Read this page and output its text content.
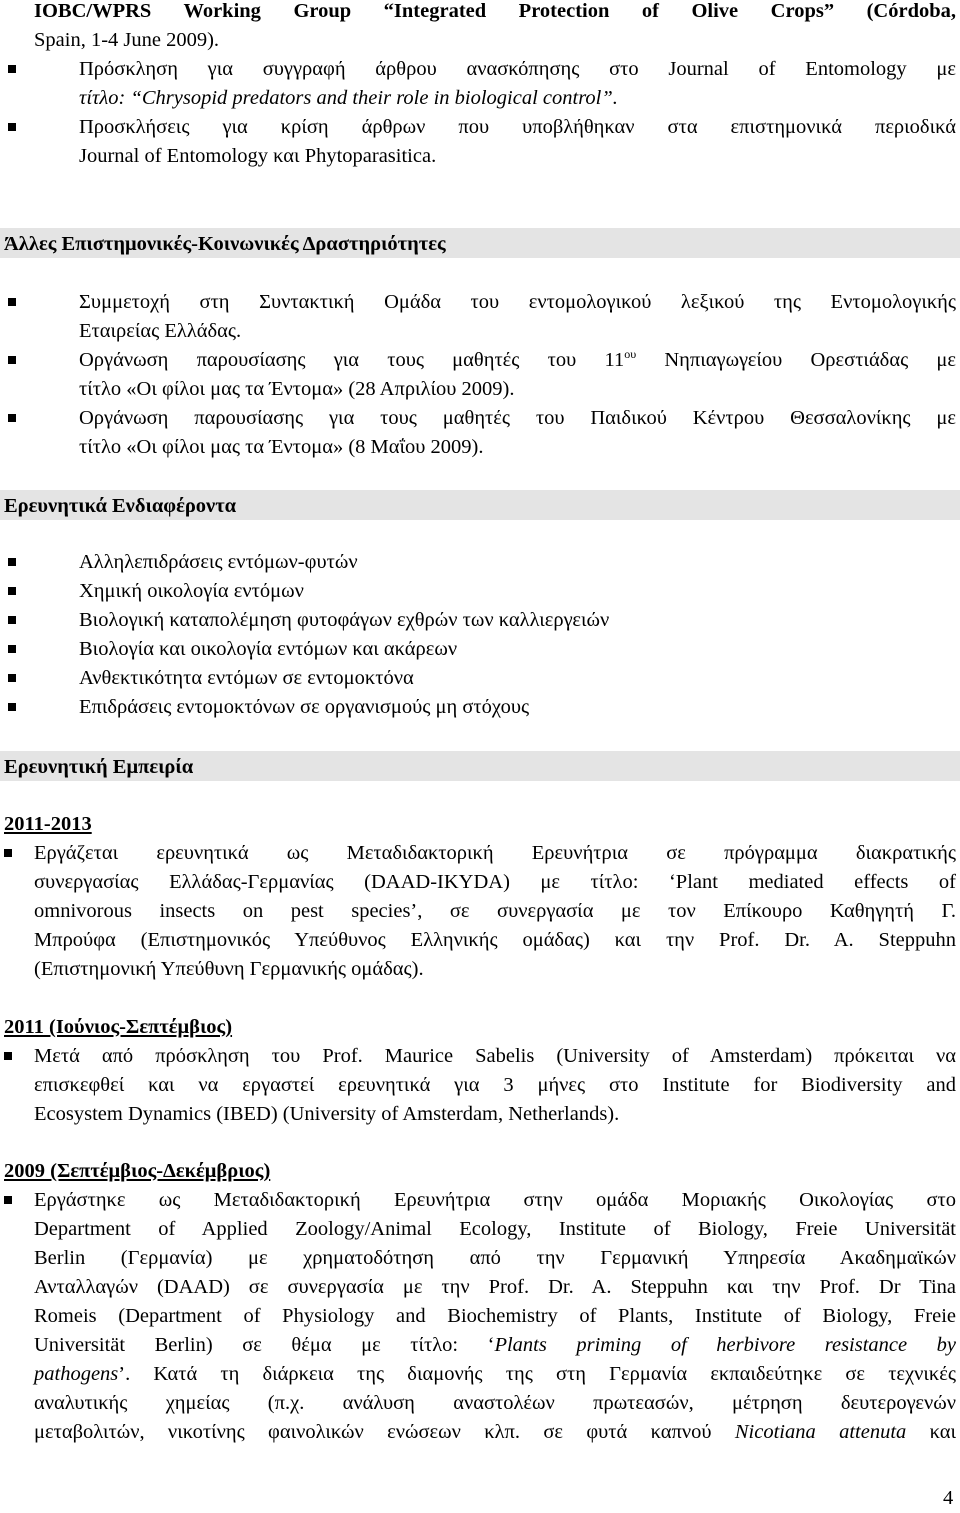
IOBC/WPRS Working Group “Integrated Protection of Olive Crops” (Córdoba,
Spain, 1-4 June 2009).
Πρόσκληση για συγγραφή άρθρου ανασκόπησης στο Journal of Entomology με
τίτλο: “Chrysopid predators and their role in biological control”.
Προσκλήσεις για κρίση άρθρων που υποβλήθηκαν στα επιστημονικά περιοδικά
Journal of Entomology και Phytoparasitica.
Άλλες Επιστημονικές-Κοινωνικές Δραστηριότητες
Συμμετοχή στη Συντακτική Ομάδα του εντομολογικού λεξικού της Εντομολογικής
Εταιρείας Ελλάδας.
Οργάνωση παρουσίασης για τους μαθητές του $11^{o\upsilon}$ Νηπιαγωγείου Ορεστιάδας με
τίτλο «Οι φίλοι μας τα Έντομα» (28 Απριλίου 2009).
Οργάνωση παρουσίασης για τους μαθητές του Παιδικού Κέντρου Θεσσαλονίκης με
τίτλο «Οι φίλοι μας τα Έντομα» (8 Μαΐου 2009).
Ερευνητικά Ενδιαφέροντα
Αλληλεπιδράσεις εντόμων-φυτών
Χημική οικολογία εντόμων
Βιολογική καταπολέμηση φυτοφάγων εχθρών των καλλιεργειών
Βιολογία και οικολογία εντόμων και ακάρεων
Ανθεκτικότητα εντόμων σε εντομοκτόνα
Επιδράσεις εντομοκτόνων σε οργανισμούς μη στόχους
Ερευνητική Εμπειρία
2011-2013
Εργάζεται ερευνητικά ως Μεταδιδακτορική Ερευνήτρια σε πρόγραμμα διακρατικής
συνεργασίας Ελλάδας-Γερμανίας (DAAD-IKYDA) με τίτλο: ‘Plant mediated effects of
omnivorous insects on pest species’, σε συνεργασία με τον Επίκουρο Καθηγητή Γ.
Μπρούφα (Επιστημονικός Υπεύθυνος Ελληνικής ομάδας) και την Prof. Dr. A. Steppuhn
(Επιστημονική Υπεύθυνη Γερμανικής ομάδας).
2011 (Ιούνιος-Σεπτέμβιος)
Μετά από πρόσκληση του Prof. Maurice Sabelis (University of Amsterdam) πρόκειται να
επισκεφθεί και να εργαστεί ερευνητικά για 3 μήνες στο Institute for Biodiversity and
Ecosystem Dynamics (IBED) (University of Amsterdam, Netherlands).
2009 (Σεπτέμβιος-Δεκέμβριος)
Εργάστηκε ως Μεταδιδακτορική Ερευνήτρια στην ομάδα Μοριακής Οικολογίας στο
Department of Applied Zoology/Animal Ecology, Institute of Biology, Freie Universität
Berlin (Γερμανία) με χρηματοδότηση από την Γερμανική Υπηρεσία Ακαδημαϊκών
Ανταλλαγών (DAAD) σε συνεργασία με την Prof. Dr. A. Steppuhn και την Prof. Dr Tina
Romeis (Department of Physiology and Biochemistry of Plants, Institute of Biology, Freie
Universität Berlin) σε θέμα με τίτλο: ‘Plants priming of herbivore resistance by
pathogens’. Κατά τη διάρκεια της διαμονής της στη Γερμανία εκπαιδεύτηκε σε τεχνικές
αναλυτικής χημείας (π.χ. ανάλυση αναστολέων πρωτεασών, μέτρηση δευτερογενών
μεταβολιτών, νικοτίνης φαινολικών ενώσεων κλπ. σε φυτά καπνού Nicotiana attenuta και
4
